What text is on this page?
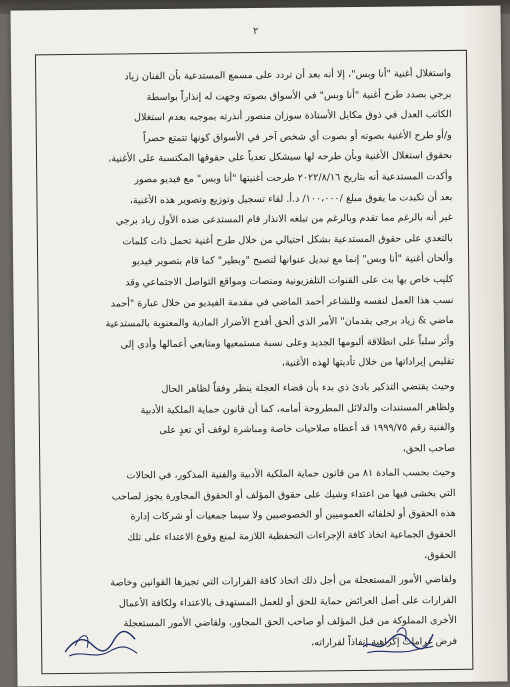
٢

واستغلال أغنية "أنا وبس"، إلا أنه بعد أن تردد على مسمع المستدعية بأن الفنان زياد
برجي بصدد طرح أغنية "أنا وبس" في الأسواق بصوته وجهت له إنذاراً بواسطة
الكاتب العدل في ذوق مكايل الأستاذة سوزان منصور أنذرته بموجبه بعدم استغلال
و/أو طرح الأغنية بصوته أو بصوت أي شخص آخر في الأسواق كونها تتمتع حصراً
بحقوق استغلال الأغنية وبأن طرحه لها سيشكل تعدياً على حقوقها المكتسبة على الأغنية،
وأكدت المستدعية أنه بتاريخ ٢٠٢٢/٨/١٦ طرحت أغنيتها "أنا وبس" مع فيديو مصور
بعد أن تكبدت ما يفوق مبلغ /١٠٠،٠٠٠/ د.أ. لقاء تسجيل وتوزيع وتصوير هذه الأغنية،
غير أنه بالرغم مما تقدم وبالرغم من تبلغه الانذار قام المستدعى ضده الأول زياد برجي
بالتعدي على حقوق المستدعية بشكل احتيالي من خلال طرح أغنية تحمل ذات كلمات
وألحان أغنية "أنا وبس" إنما مع تبديل عنوانها لتصبح "وبطير" كما قام بتصوير فيديو
كليب خاص بها بث على القنوات التلفزيونية ومنصات ومواقع التواصل الاجتماعي وقد
نسب هذا العمل لنفسه وللشاعر أحمد الماضي في مقدمة الفيديو من خلال عبارة "أحمد
ماضي & زياد برجي يقدمان" الأمر الذي ألحق أفدح الأضرار المادية والمعنوية بالمستدعية
وأثر سلباً على انطلاقة ألبومها الجديد وعلى نسبة مستمعيها ومتابعي أعمالها وأدى إلى
تقليص إيراداتها من خلال تأديتها لهذه الأغنية،

وحيث يقتضي التذكير بادئ ذي بدء بأن قضاء العجلة ينظر وفقاً لظاهر الحال
ولظاهر المستندات والدلائل المطروحة أمامه، كما أن قانون حماية الملكية الأدبية
والفنية رقم ١٩٩٩/٧٥ قد أعطاه صلاحيات خاصة ومباشرة لوقف أي تعدٍ على
صاحب الحق،

وحيث بحسب المادة ٨١ من قانون حماية الملكية الأدبية والفنية المذكور، في الحالات
التي يخشى فيها من اعتداء وشيك على حقوق المؤلف أو الحقوق المجاورة يجوز لصاحب
هذه الحقوق أو لخلفائه العموميين أو الخصوصيين ولا سيما جمعيات أو شركات إدارة
الحقوق الجماعية اتخاذ كافة الإجراءات التحفظية اللازمة لمنع وقوع الاعتداء على تلك
الحقوق،

ولقاضي الأمور المستعجلة من أجل ذلك اتخاذ كافة القرارات التي تجيزها القوانين وخاصة
القرارات على أصل العرائض حماية للحق أو للعمل المستهدف بالاعتداء ولكافة الأعمال
الأخرى المملوكة من قبل المؤلف أو صاحب الحق المجاور، ولقاضي الأمور المستعجلة
فرض غرامات إكراهية إنفاذاً لقراراته،
